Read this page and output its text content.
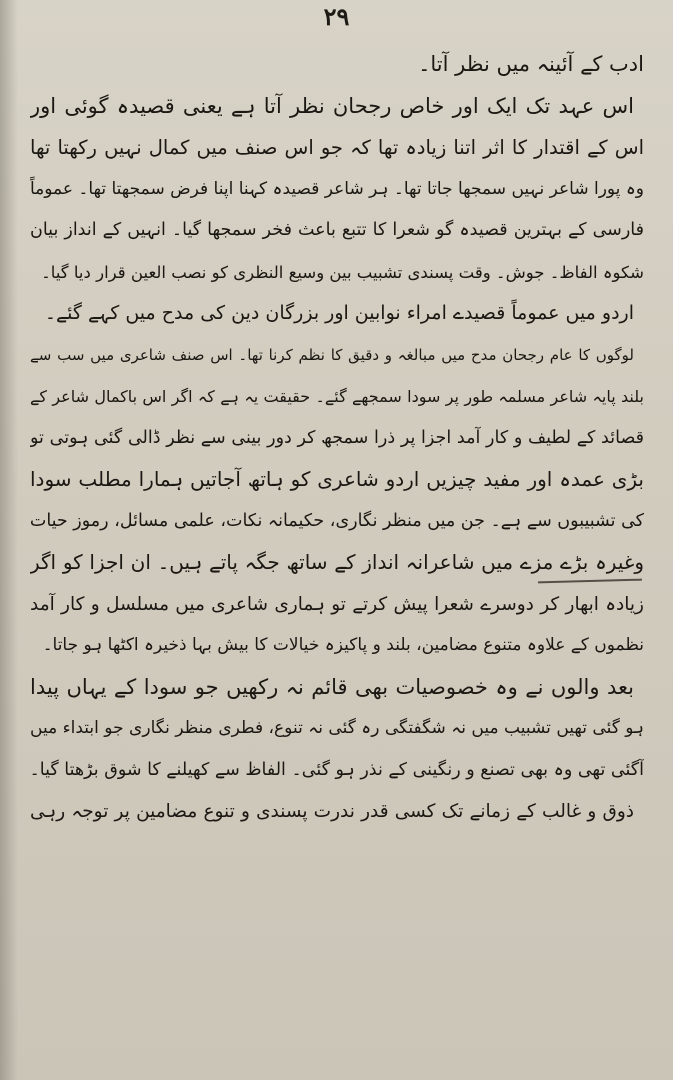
۲۹
ادب کے آئینہ میں نظر آتا۔
اس عہد تک ایک اور خاص رجحان نظر آتا ہے یعنی قصیدہ گوئی اور
اس کے اقتدار کا اثر اتنا زیادہ تھا کہ جو اس صنف میں کمال نہیں رکھتا تھا
وہ پورا شاعر نہیں سمجھا جاتا تھا۔ ہر شاعر قصیدہ کہنا اپنا فرض سمجھتا تھا۔ عموماً
فارسی کے بہترین قصیدہ گو شعرا کا تتبع باعث فخر سمجھا گیا۔ انہیں کے انداز بیان
شکوہ الفاظ۔ جوش۔ وقت پسندی تشبیب بین وسیع النظری کو نصب العین قرار دیا گیا۔
اردو میں عموماً قصیدے امراء نوابین اور بزرگان دین کی مدح میں کہے گئے۔
لوگوں کا عام رجحان مدح میں مبالغہ و دقیق کا نظم کرنا تھا۔ اس صنف شاعری میں سب سے
بلند پایہ شاعر مسلمہ طور پر سودا سمجھے گئے۔ حقیقت یہ ہے کہ اگر اس باکمال شاعر کے
قصائد کے لطیف و کار آمد اجزا پر ذرا سمجھ کر دور بینی سے نظر ڈالی گئی ہوتی تو
بڑی عمدہ اور مفید چیزیں اردو شاعری کو ہاتھ آجاتیں ہمارا مطلب سودا
کی تشبیبوں سے ہے۔ جن میں منظر نگاری، حکیمانہ نکات، علمی مسائل، رموز حیات
وغیرہ بڑے مزے میں شاعرانہ انداز کے ساتھ جگہ پاتے ہیں۔ ان اجزا کو اگر
زیادہ ابھار کر دوسرے شعرا پیش کرتے تو ہماری شاعری میں مسلسل و کار آمد
نظموں کے علاوہ متنوع مضامین، بلند و پاکیزہ خیالات کا بیش بہا ذخیرہ اکٹھا ہو جاتا۔
بعد والوں نے وہ خصوصیات بھی قائم نہ رکھیں جو سودا کے یہاں پیدا
ہو گئی تھیں تشبیب میں نہ شگفتگی رہ گئی نہ تنوع، فطری منظر نگاری جو ابتداء میں
آگئی تھی وہ بھی تصنع و رنگینی کے نذر ہو گئی۔ الفاظ سے کھیلنے کا شوق بڑھتا گیا۔
ذوق و غالب کے زمانے تک کسی قدر ندرت پسندی و تنوع مضامین پر توجہ رہی
